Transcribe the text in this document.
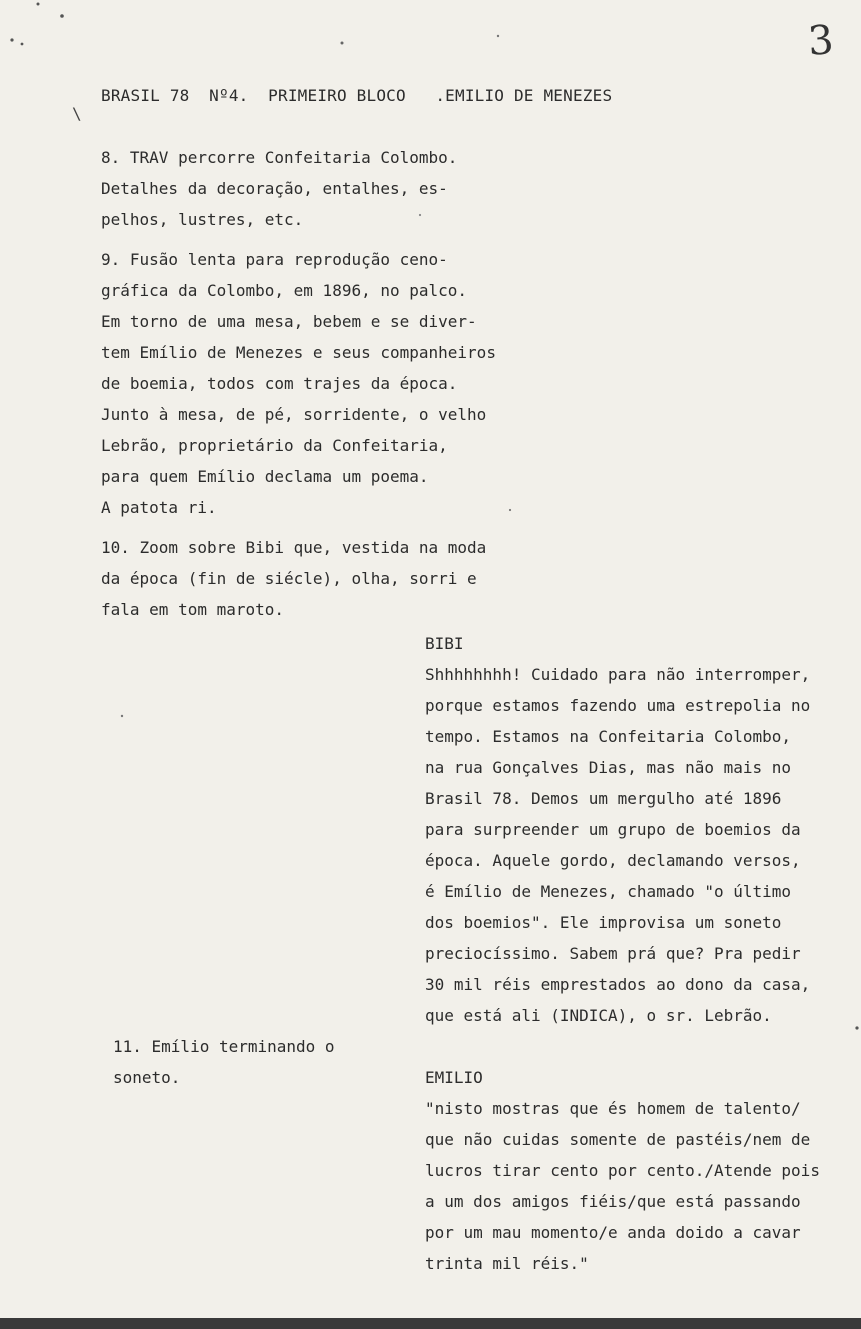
3
\
BRASIL 78  Nº4.  PRIMEIRO BLOCO   .EMILIO DE MENEZES

8. TRAV percorre Confeitaria Colombo.
Detalhes da decoração, entalhes, es-
pelhos, lustres, etc.

9. Fusão lenta para reprodução ceno-
gráfica da Colombo, em 1896, no palco.
Em torno de uma mesa, bebem e se diver-
tem Emílio de Menezes e seus companheiros
de boemia, todos com trajes da época.
Junto à mesa, de pé, sorridente, o velho
Lebrão, proprietário da Confeitaria,
para quem Emílio declama um poema.
A patota ri.

10. Zoom sobre Bibi que, vestida na moda
da época (fin de siécle), olha, sorri e
fala em tom maroto.

BIBI

Shhhhhhhh! Cuidado para não interromper,
porque estamos fazendo uma estrepolia no
tempo. Estamos na Confeitaria Colombo,
na rua Gonçalves Dias, mas não mais no
Brasil 78. Demos um mergulho até 1896
para surpreender um grupo de boemios da
época. Aquele gordo, declamando versos,
é Emílio de Menezes, chamado "o último
dos boemios". Ele improvisa um soneto
preciocíssimo. Sabem prá que? Pra pedir
30 mil réis emprestados ao dono da casa,
que está ali (INDICA), o sr. Lebrão.

11. Emílio terminando o
soneto.	EMILIO

"nisto mostras que és homem de talento/
que não cuidas somente de pastéis/nem de
lucros tirar cento por cento./Atende pois
a um dos amigos fiéis/que está passando
por um mau momento/e anda doido a cavar
trinta mil réis."
